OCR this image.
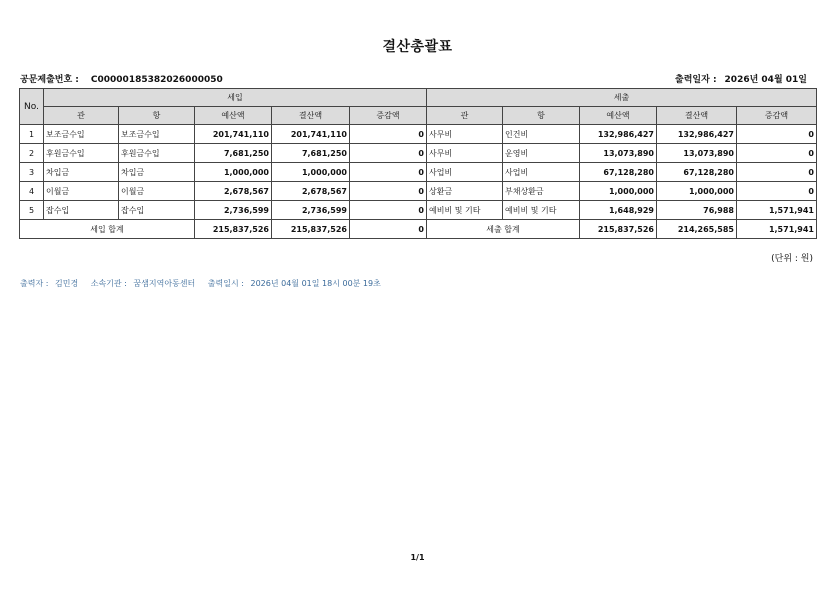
결산총괄표
공문제출번호 : C00000185382026000050	출력일자 : 2026년 04월 01일
No.	세입					세출				
	관	항	예산액	결산액	증감액	관	항	예산액	결산액	증감액
1	보조금수입	보조금수입	201,741,110	201,741,110	0	사무비	인건비	132,986,427	132,986,427	0
2	후원금수입	후원금수입	7,681,250	7,681,250	0	사무비	운영비	13,073,890	13,073,890	0
3	차입금	차입금	1,000,000	1,000,000	0	사업비	사업비	67,128,280	67,128,280	0
4	이월금	이월금	2,678,567	2,678,567	0	상환금	부채상환금	1,000,000	1,000,000	0
5	잡수입	잡수입	2,736,599	2,736,599	0	예비비 및 기타	예비비 및 기타	1,648,929	76,988	1,571,941
세입 합계			215,837,526	215,837,526	0	세출 합계		215,837,526	214,265,585	1,571,941
(단위 : 원)
출력자 : 김민경 소속기관 : 꿈샘지역아동센터 출력일시 : 2026년 04월 01일 18시 00분 19초
1/1
